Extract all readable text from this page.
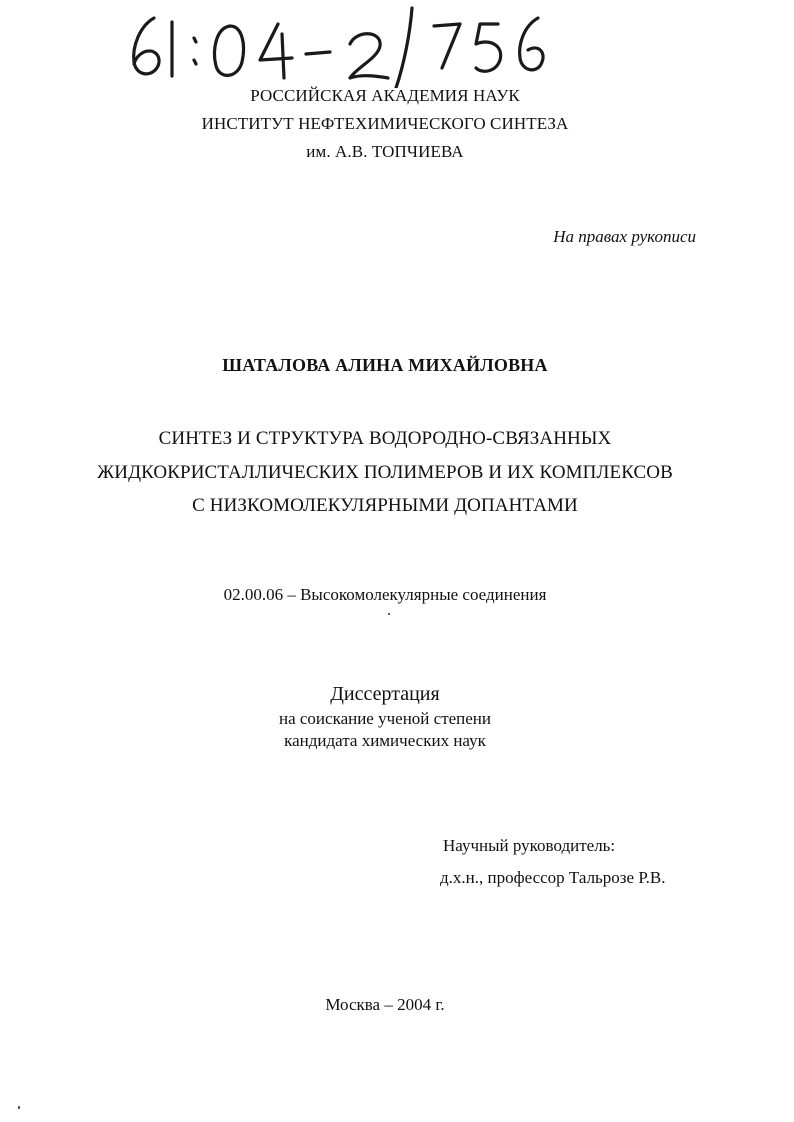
РОССИЙСКАЯ АКАДЕМИЯ НАУК
ИНСТИТУТ НЕФТЕХИМИЧЕСКОГО СИНТЕЗА
им. А.В. ТОПЧИЕВА
На правах рукописи
ШАТАЛОВА АЛИНА МИХАЙЛОВНА
СИНТЕЗ И СТРУКТУРА ВОДОРОДНО-СВЯЗАННЫХ
ЖИДКОКРИСТАЛЛИЧЕСКИХ ПОЛИМЕРОВ И ИХ КОМПЛЕКСОВ
С НИЗКОМОЛЕКУЛЯРНЫМИ ДОПАНТАМИ
02.00.06 – Высокомолекулярные соединения
Диссертация
на соискание ученой степени
кандидата химических наук
Научный руководитель:
д.х.н., профессор Тальрозе Р.В.
Москва – 2004 г.
